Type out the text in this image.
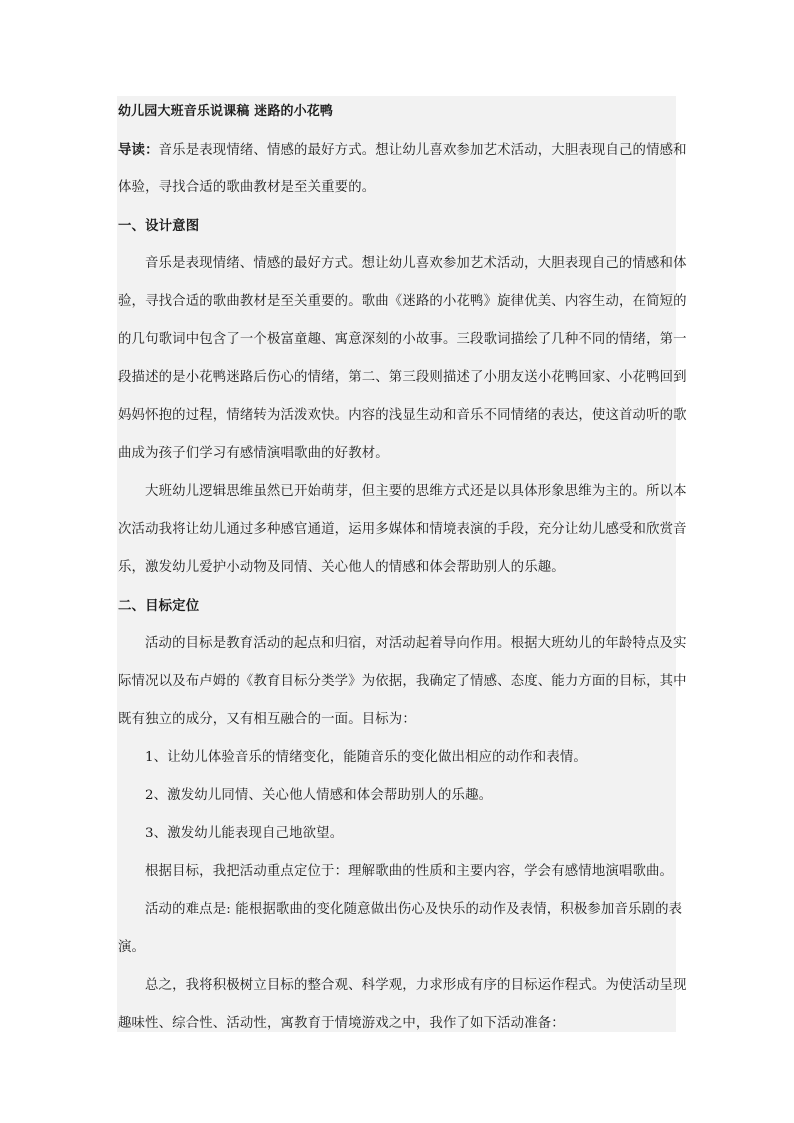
幼儿园大班音乐说课稿 迷路的小花鸭
导读：音乐是表现情绪、情感的最好方式。想让幼儿喜欢参加艺术活动，大胆表现自己的情感和
体验，寻找合适的歌曲教材是至关重要的。
一、设计意图
音乐是表现情绪、情感的最好方式。想让幼儿喜欢参加艺术活动，大胆表现自己的情感和体
验，寻找合适的歌曲教材是至关重要的。歌曲《迷路的小花鸭》旋律优美、内容生动，在简短的
的几句歌词中包含了一个极富童趣、寓意深刻的小故事。三段歌词描绘了几种不同的情绪，第一
段描述的是小花鸭迷路后伤心的情绪，第二、第三段则描述了小朋友送小花鸭回家、小花鸭回到
妈妈怀抱的过程，情绪转为活泼欢快。内容的浅显生动和音乐不同情绪的表达，使这首动听的歌
曲成为孩子们学习有感情演唱歌曲的好教材。
大班幼儿逻辑思维虽然已开始萌芽，但主要的思维方式还是以具体形象思维为主的。所以本
次活动我将让幼儿通过多种感官通道，运用多媒体和情境表演的手段，充分让幼儿感受和欣赏音
乐，激发幼儿爱护小动物及同情、关心他人的情感和体会帮助别人的乐趣。
二、目标定位
活动的目标是教育活动的起点和归宿，对活动起着导向作用。根据大班幼儿的年龄特点及实
际情况以及布卢姆的《教育目标分类学》为依据，我确定了情感、态度、能力方面的目标，其中
既有独立的成分，又有相互融合的一面。目标为：
1、让幼儿体验音乐的情绪变化，能随音乐的变化做出相应的动作和表情。
2、激发幼儿同情、关心他人情感和体会帮助别人的乐趣。
3、激发幼儿能表现自己地欲望。
根据目标，我把活动重点定位于：理解歌曲的性质和主要内容，学会有感情地演唱歌曲。
活动的难点是: 能根据歌曲的变化随意做出伤心及快乐的动作及表情，积极参加音乐剧的表
演。
总之，我将积极树立目标的整合观、科学观，力求形成有序的目标运作程式。为使活动呈现
趣味性、综合性、活动性，寓教育于情境游戏之中，我作了如下活动准备：
